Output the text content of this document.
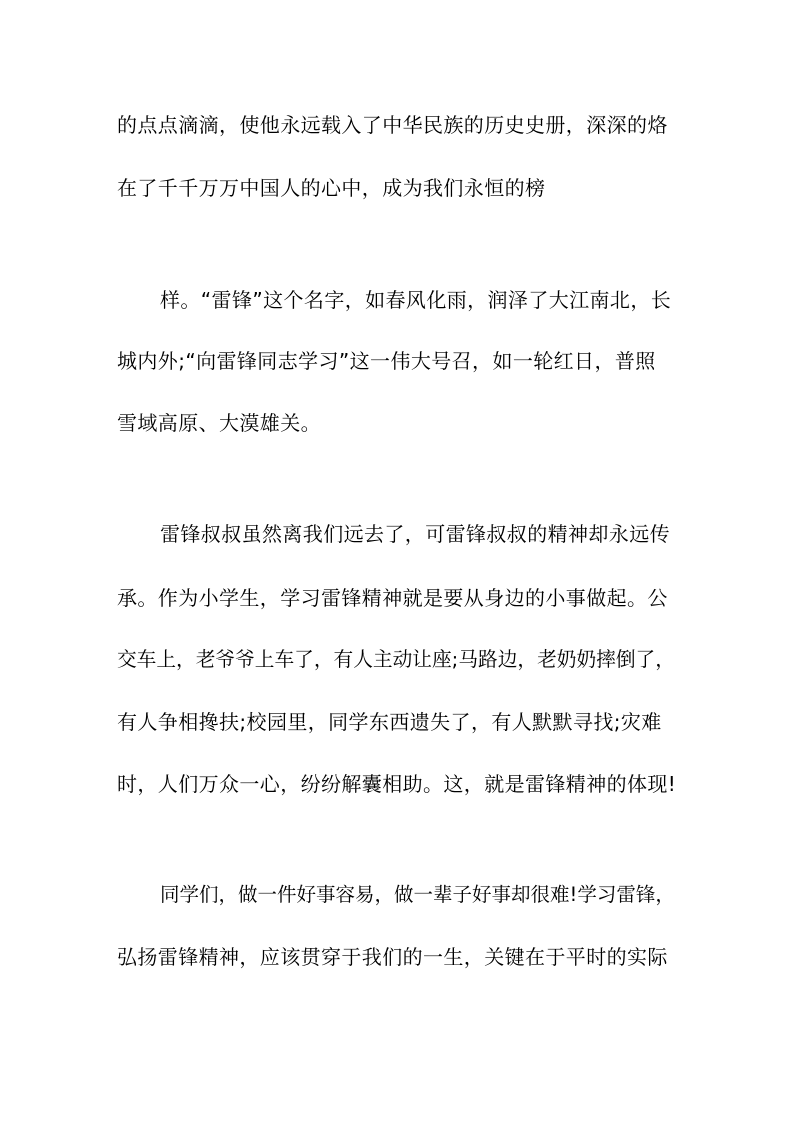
的点点滴滴，使他永远载入了中华民族的历史史册，深深的烙
在了千千万万中国人的心中，成为我们永恒的榜
样。“雷锋”这个名字，如春风化雨，润泽了大江南北，长
城内外;“向雷锋同志学习”这一伟大号召，如一轮红日，普照
雪域高原、大漠雄关。
雷锋叔叔虽然离我们远去了，可雷锋叔叔的精神却永远传
承。作为小学生，学习雷锋精神就是要从身边的小事做起。公
交车上，老爷爷上车了，有人主动让座;马路边，老奶奶摔倒了，
有人争相搀扶;校园里，同学东西遗失了，有人默默寻找;灾难
时，人们万众一心，纷纷解囊相助。这，就是雷锋精神的体现!
同学们，做一件好事容易，做一辈子好事却很难!学习雷锋，
弘扬雷锋精神，应该贯穿于我们的一生，关键在于平时的实际
